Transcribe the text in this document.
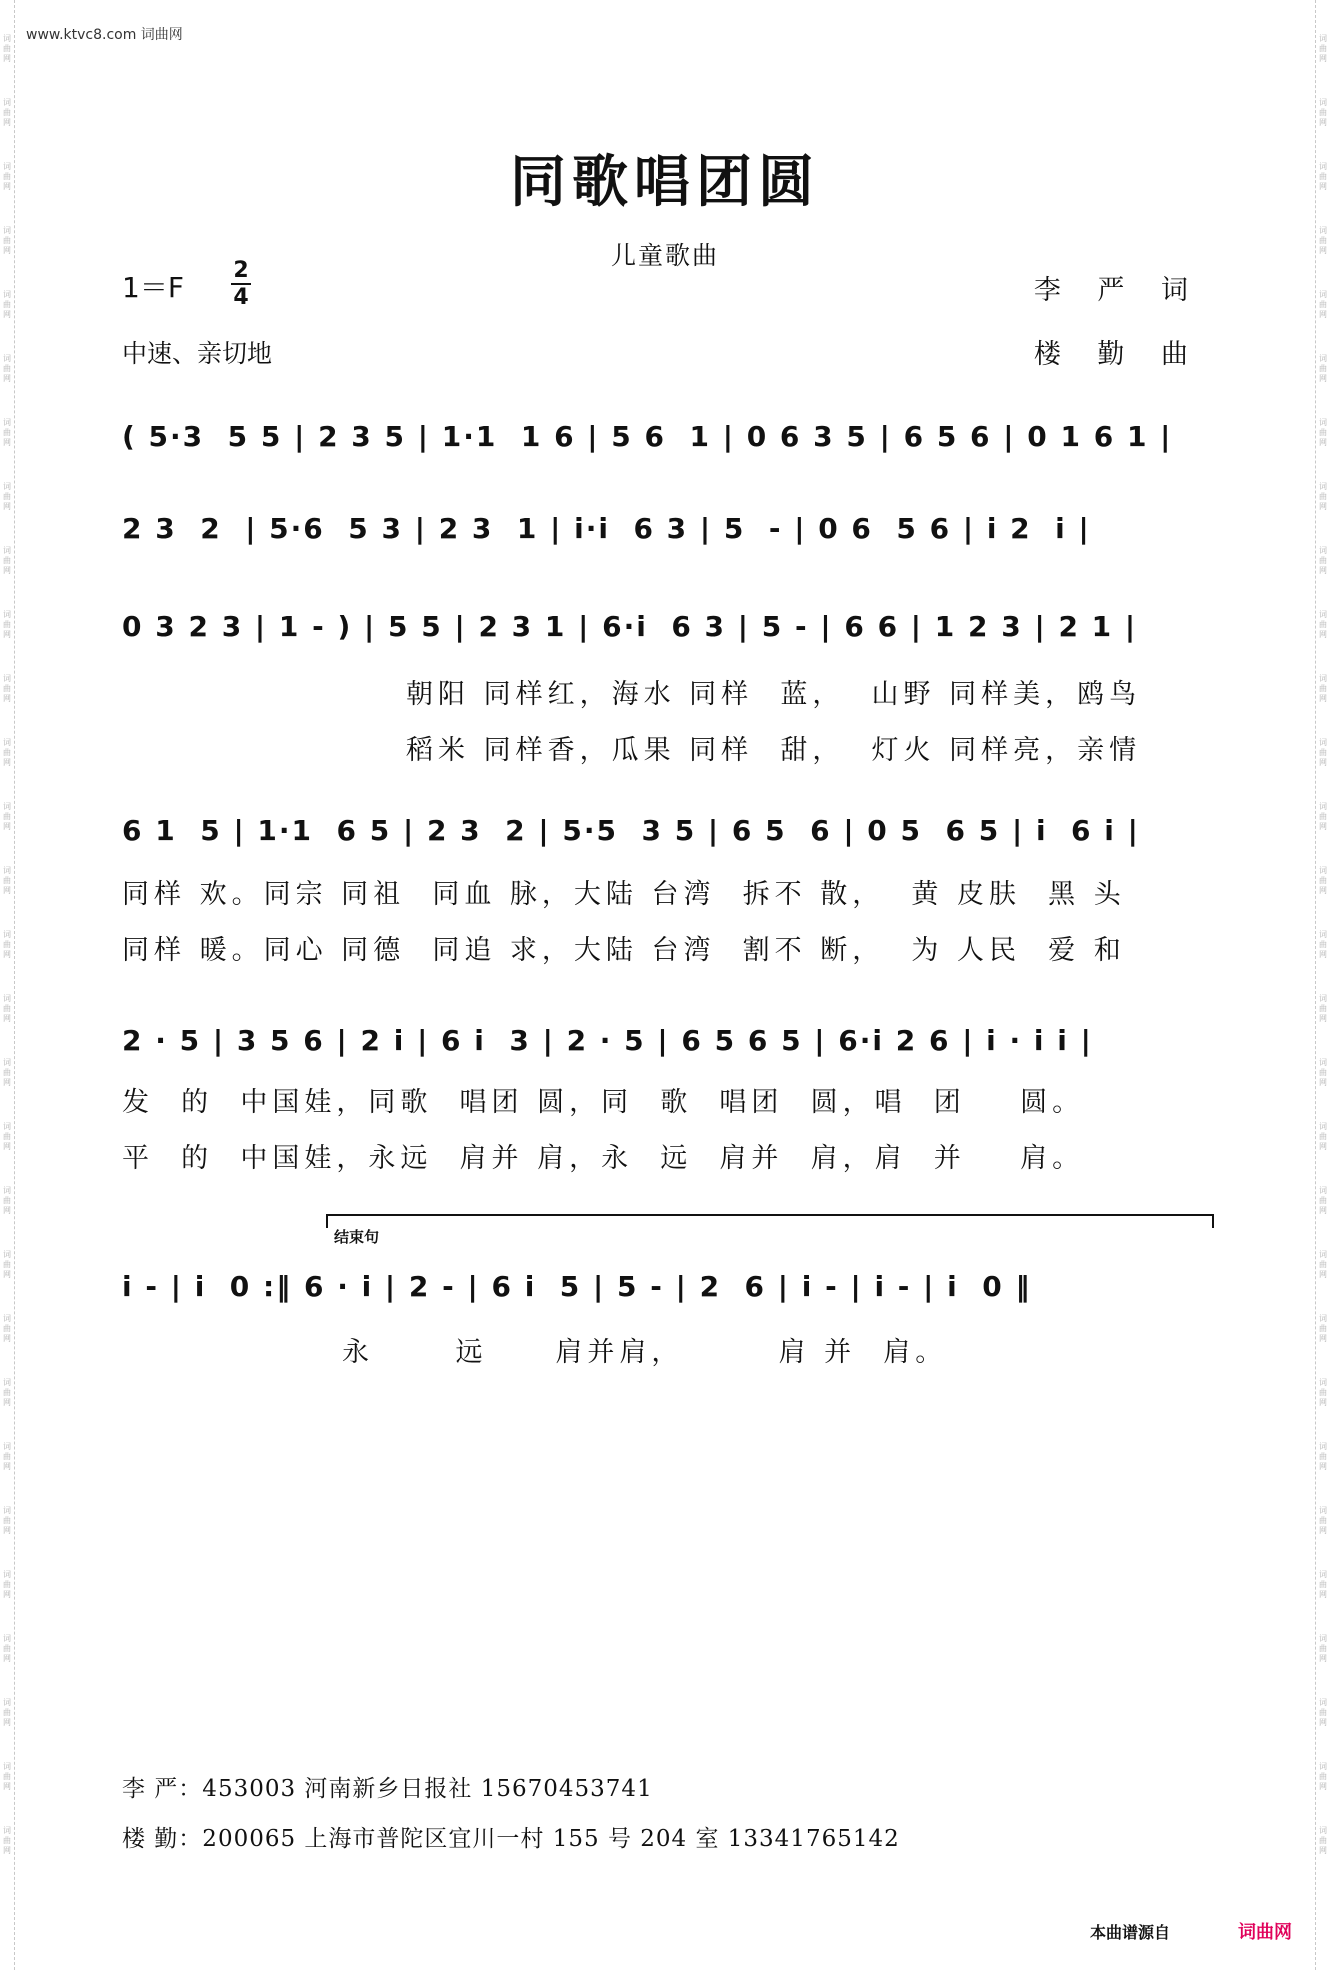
词曲网
词曲网
词曲网
词曲网
词曲网
词曲网
词曲网
词曲网
词曲网
词曲网
词曲网
词曲网
词曲网
词曲网
词曲网
词曲网
词曲网
词曲网
词曲网
词曲网
词曲网
词曲网
词曲网
词曲网
词曲网
词曲网
词曲网
词曲网
词曲网
词曲网
词曲网
词曲网
词曲网
词曲网
词曲网
词曲网
词曲网
词曲网
词曲网
词曲网
词曲网
词曲网
词曲网
词曲网
词曲网
词曲网
词曲网
词曲网
词曲网
词曲网
词曲网
词曲网
词曲网
词曲网
词曲网
词曲网
词曲网
词曲网
www.ktvc8.com 词曲网
同歌唱团圆
儿童歌曲
1＝F
2
4
中速、亲切地
李 严 词
楼 勤 曲
( 5·3  5 5 | 2 3 5 | 1·1  1 6 | 5 6  1 | 0 6 3 5 | 6 5 6 | 0 1 6 1 |
2 3  2  | 5·6  5 3 | 2 3  1 | i·i  6 3 | 5  - | 0 6  5 6 | i 2  i |
0 3 2 3 | 1 - ) | 5 5 | 2 3 1 | 6·i  6 3 | 5 - | 6 6 | 1 2 3 | 2 1 |
朝阳 同样红，海水 同样  蓝，  山野 同样美，鸥鸟
稻米 同样香，瓜果 同样  甜，  灯火 同样亮，亲情
6 1  5 | 1·1  6 5 | 2 3  2 | 5·5  3 5 | 6 5  6 | 0 5  6 5 | i  6 i |
同样 欢。同宗 同祖  同血 脉，大陆 台湾  拆不 散，  黄 皮肤  黑 头
同样 暖。同心 同德  同追 求，大陆 台湾  割不 断，  为 人民  爱 和
2 · 5 | 3 5 6 | 2 i | 6 i  3 | 2 · 5 | 6 5 6 5 | 6·i 2 6 | i · i i |
发  的  中国娃，同歌  唱团 圆，同  歌  唱团  圆，唱  团    圆。
平  的  中国娃，永远  肩并 肩，永  远  肩并  肩，肩  并    肩。
结束句
i - | i  0 :‖ 6 · i | 2 - | 6 i  5 | 5 - | 2  6 | i - | i - | i  0 ‖
永      远     肩并肩，       肩 并  肩。
李 严：453003 河南新乡日报社 15670453741
楼 勤：200065 上海市普陀区宜川一村 155 号 204 室 13341765142
本曲谱源自	词曲网
